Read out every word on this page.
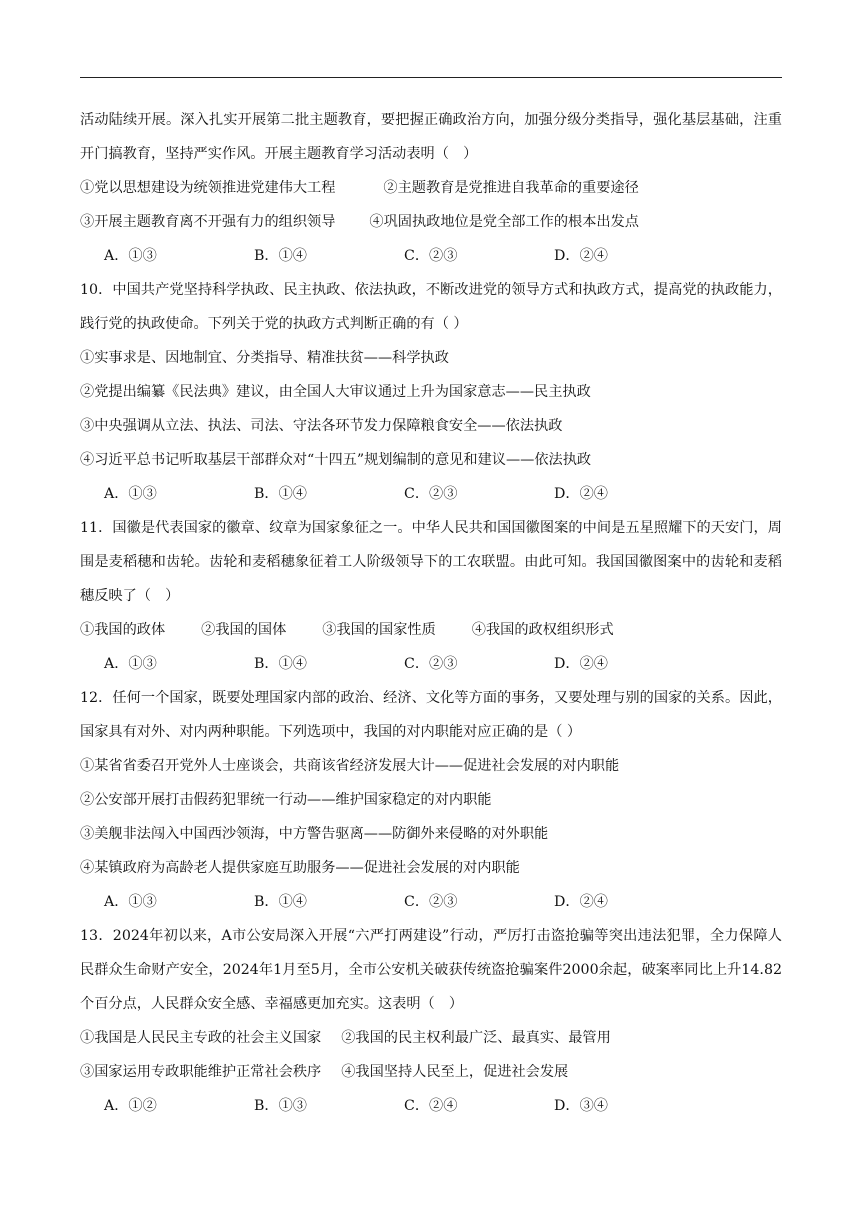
活动陆续开展。深入扎实开展第二批主题教育，要把握正确政治方向，加强分级分类指导，强化基层基础，注重开门搞教育，坚持严实作风。开展主题教育学习活动表明（　）
①党以思想建设为统领推进党建伟大工程	②主题教育是党推进自我革命的重要途径
③开展主题教育离不开强有力的组织领导 ④巩固执政地位是党全部工作的根本出发点
A．①③	B．①④	C．②③	D．②④
10．中国共产党坚持科学执政、民主执政、依法执政，不断改进党的领导方式和执政方式，提高党的执政能力，践行党的执政使命。下列关于党的执政方式判断正确的有（ ）
①实事求是、因地制宜、分类指导、精准扶贫——科学执政
②党提出编纂《民法典》建议，由全国人大审议通过上升为国家意志——民主执政
③中央强调从立法、执法、司法、守法各环节发力保障粮食安全——依法执政
④习近平总书记听取基层干部群众对“十四五”规划编制的意见和建议——依法执政
A．①③	B．①④	C．②③	D．②④
11．国徽是代表国家的徽章、纹章为国家象征之一。中华人民共和国国徽图案的中间是五星照耀下的天安门，周围是麦稻穗和齿轮。齿轮和麦稻穗象征着工人阶级领导下的工农联盟。由此可知。我国国徽图案中的齿轮和麦稻穗反映了（　）
①我国的政体	②我国的国体	③我国的国家性质	④我国的政权组织形式
A．①③	B．①④	C．②③	D．②④
12．任何一个国家，既要处理国家内部的政治、经济、文化等方面的事务，又要处理与别的国家的关系。因此，国家具有对外、对内两种职能。下列选项中，我国的对内职能对应正确的是（ ）
①某省省委召开党外人士座谈会，共商该省经济发展大计——促进社会发展的对内职能
②公安部开展打击假药犯罪统一行动——维护国家稳定的对内职能
③美舰非法闯入中国西沙领海，中方警告驱离——防御外来侵略的对外职能
④某镇政府为高龄老人提供家庭互助服务——促进社会发展的对内职能
A．①③	B．①④	C．②③	D．②④
13．2024年初以来，A市公安局深入开展“六严打两建设”行动，严厉打击盗抢骗等突出违法犯罪，全力保障人民群众生命财产安全，2024年1月至5月，全市公安机关破获传统盗抢骗案件2000余起，破案率同比上升14.82个百分点，人民群众安全感、幸福感更加充实。这表明（　）
①我国是人民民主专政的社会主义国家 ②我国的民主权利最广泛、最真实、最管用
③国家运用专政职能维护正常社会秩序 ④我国坚持人民至上，促进社会发展
A．①②	B．①③	C．②④	D．③④
